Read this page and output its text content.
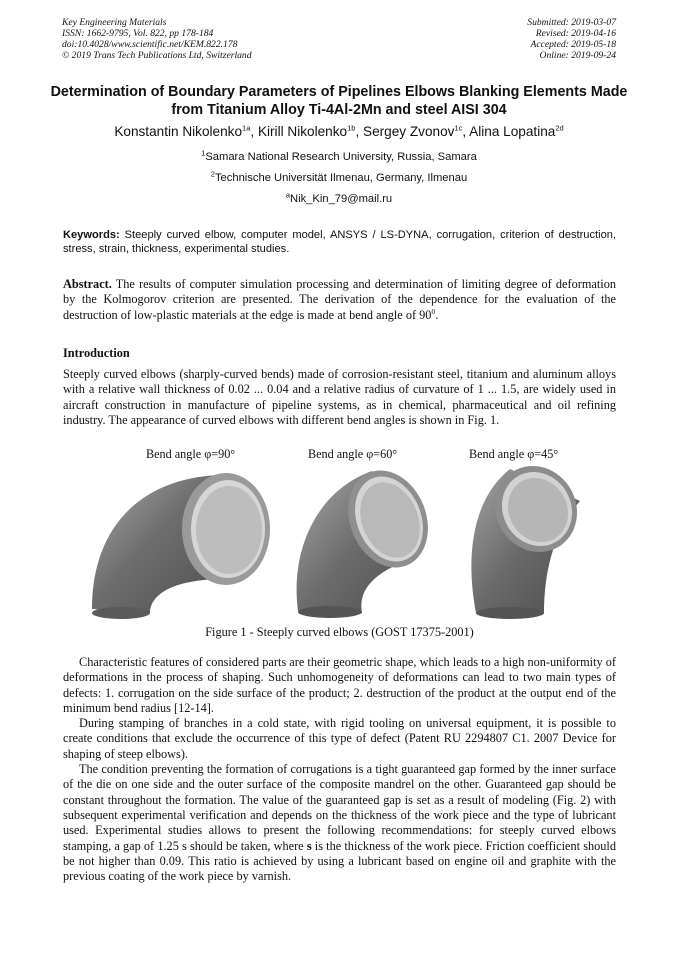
Key Engineering Materials
ISSN: 1662-9795, Vol. 822, pp 178-184
doi:10.4028/www.scientific.net/KEM.822.178
© 2019 Trans Tech Publications Ltd, Switzerland
Submitted: 2019-03-07
Revised: 2019-04-16
Accepted: 2019-05-18
Online: 2019-09-24
Determination of Boundary Parameters of Pipelines Elbows Blanking Elements Made from Titanium Alloy Ti-4Al-2Mn and steel AISI 304
Konstantin Nikolenko$^{1a}$, Kirill Nikolenko$^{1b}$, Sergey Zvonov$^{1c}$, Alina Lopatina$^{2d}$
$^1$Samara National Research University, Russia, Samara
$^2$Technische Universität Ilmenau, Germany, Ilmenau
$^a$Nik_Kin_79@mail.ru
Keywords: Steeply curved elbow, computer model, ANSYS / LS-DYNA, corrugation, criterion of destruction, stress, strain, thickness, experimental studies.
Abstract. The results of computer simulation processing and determination of limiting degree of deformation by the Kolmogorov criterion are presented. The derivation of the dependence for the evaluation of the destruction of low-plastic materials at the edge is made at bend angle of $90^0$.
Introduction
Steeply curved elbows (sharply-curved bends) made of corrosion-resistant steel, titanium and aluminum alloys with a relative wall thickness of 0.02 ... 0.04 and a relative radius of curvature of 1 ... 1.5, are widely used in aircraft construction in manufacture of pipeline systems, as in chemical, pharmaceutical and oil refining industry. The appearance of curved elbows with different bend angles is shown in Fig. 1.
Bend angle φ=90°	Bend angle φ=60°	Bend angle φ=45°
Figure 1 - Steeply curved elbows (GOST 17375-2001)
Characteristic features of considered parts are their geometric shape, which leads to a high non-uniformity of deformations in the process of shaping. Such unhomogeneity of deformations can lead to two main types of defects: 1. corrugation on the side surface of the product; 2. destruction of the product at the output end of the minimum bend radius [12-14].
During stamping of branches in a cold state, with rigid tooling on universal equipment, it is possible to create conditions that exclude the occurrence of this type of defect (Patent RU 2294807 C1. 2007 Device for shaping of steep elbows).
The condition preventing the formation of corrugations is a tight guaranteed gap formed by the inner surface of the die on one side and the outer surface of the composite mandrel on the other. Guaranteed gap should be constant throughout the formation. The value of the guaranteed gap is set as a result of modeling (Fig. 2) with subsequent experimental verification and depends on the thickness of the work piece and the type of lubricant used. Experimental studies allows to present the following recommendations: for steeply curved elbows stamping, a gap of 1.25 s should be taken, where s is the thickness of the work piece. Friction coefficient should be not higher than 0.09. This ratio is achieved by using a lubricant based on engine oil and graphite with the previous coating of the work piece by varnish.
